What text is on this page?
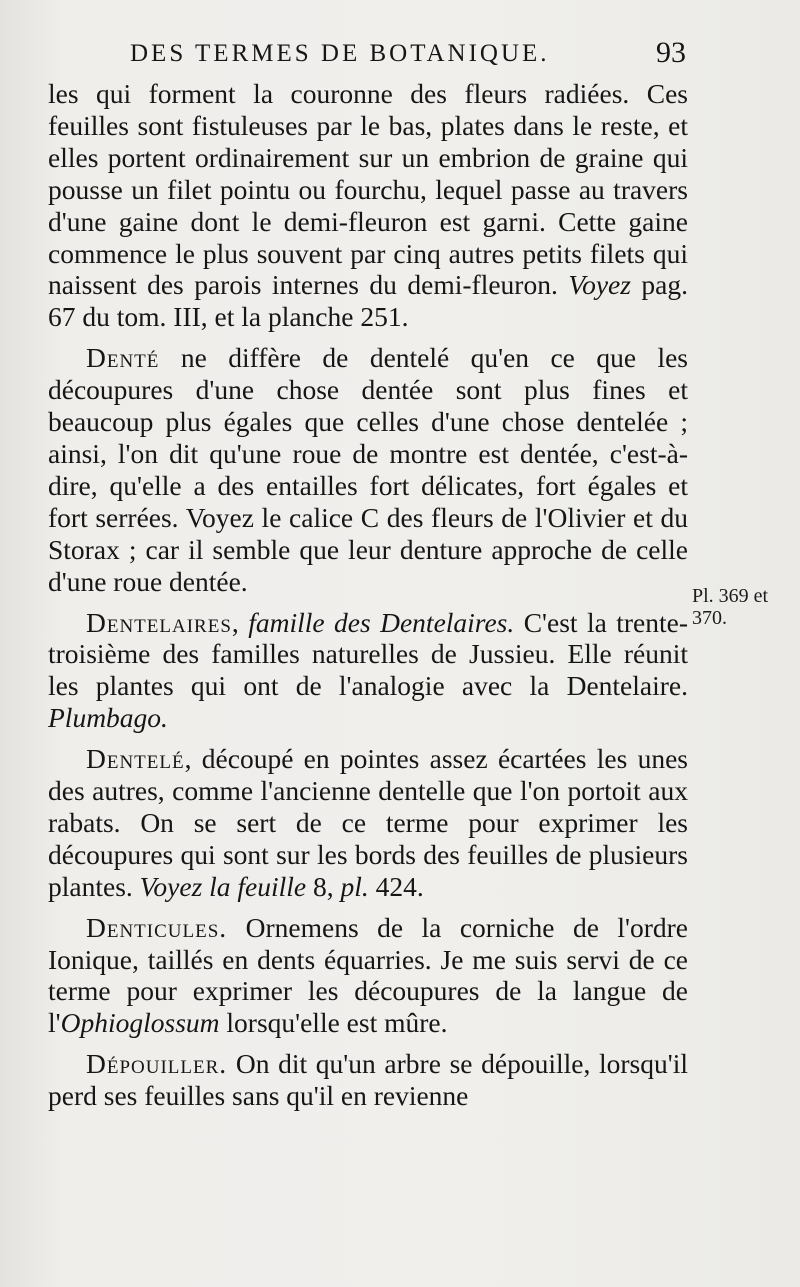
DES TERMES DE BOTANIQUE.	93

les qui forment la couronne des fleurs radiées. Ces feuilles sont fistuleuses par le bas, plates dans le reste, et elles portent ordinairement sur un embrion de graine qui pousse un filet pointu ou fourchu, lequel passe au travers d'une gaine dont le demi-fleuron est garni. Cette gaine commence le plus souvent par cinq autres petits filets qui naissent des parois internes du demi-fleuron. Voyez pag. 67 du tom. III, et la planche 251.

Denté ne diffère de dentelé qu'en ce que les découpures d'une chose dentée sont plus fines et beaucoup plus égales que celles d'une chose dentelée ; ainsi, l'on dit qu'une roue de montre est dentée, c'est-à-dire, qu'elle a des entailles fort délicates, fort égales et fort serrées. Voyez le calice C des fleurs de l'Olivier et du Storax ; car il semble que leur denture approche de celle d'une roue dentée.

Dentelaires, famille des Dentelaires. C'est la trente-troisième des familles naturelles de Jussieu. Elle réunit les plantes qui ont de l'analogie avec la Dentelaire. Plumbago.

Dentelé, découpé en pointes assez écartées les unes des autres, comme l'ancienne dentelle que l'on portoit aux rabats. On se sert de ce terme pour exprimer les découpures qui sont sur les bords des feuilles de plusieurs plantes. Voyez la feuille 8, pl. 424.

Denticules. Ornemens de la corniche de l'ordre Ionique, taillés en dents équarries. Je me suis servi de ce terme pour exprimer les découpures de la langue de l'Ophioglossum lorsqu'elle est mûre.

Dépouiller. On dit qu'un arbre se dépouille, lorsqu'il perd ses feuilles sans qu'il en revienne

Pl. 369 et 370.
